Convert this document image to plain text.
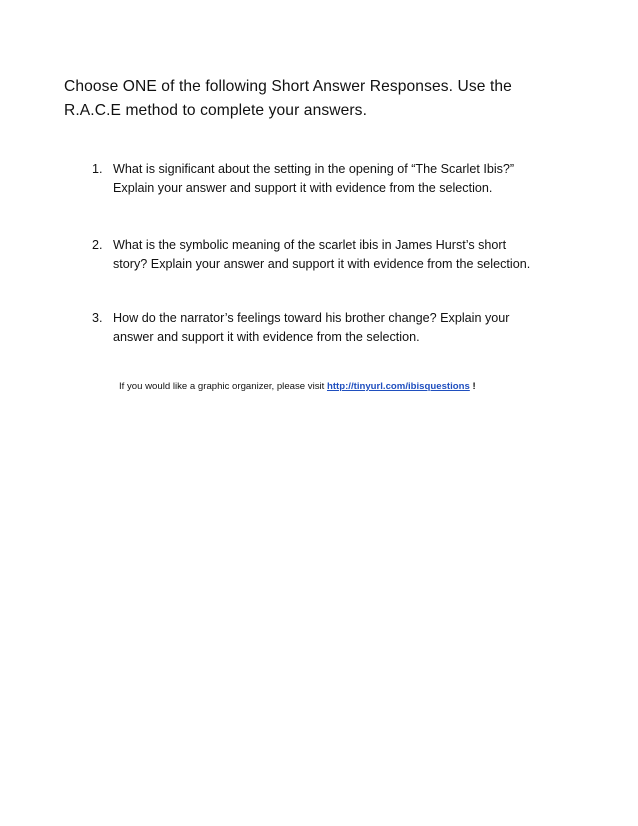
Choose ONE of the following Short Answer Responses. Use the
R.A.C.E method to complete your answers.

1. What is significant about the setting in the opening of “The Scarlet Ibis?”
Explain your answer and support it with evidence from the selection.
2. What is the symbolic meaning of the scarlet ibis in James Hurst’s short
story? Explain your answer and support it with evidence from the selection.
3. How do the narrator’s feelings toward his brother change? Explain your
answer and support it with evidence from the selection.
If you would like a graphic organizer, please visit http://tinyurl.com/ibisquestions !
